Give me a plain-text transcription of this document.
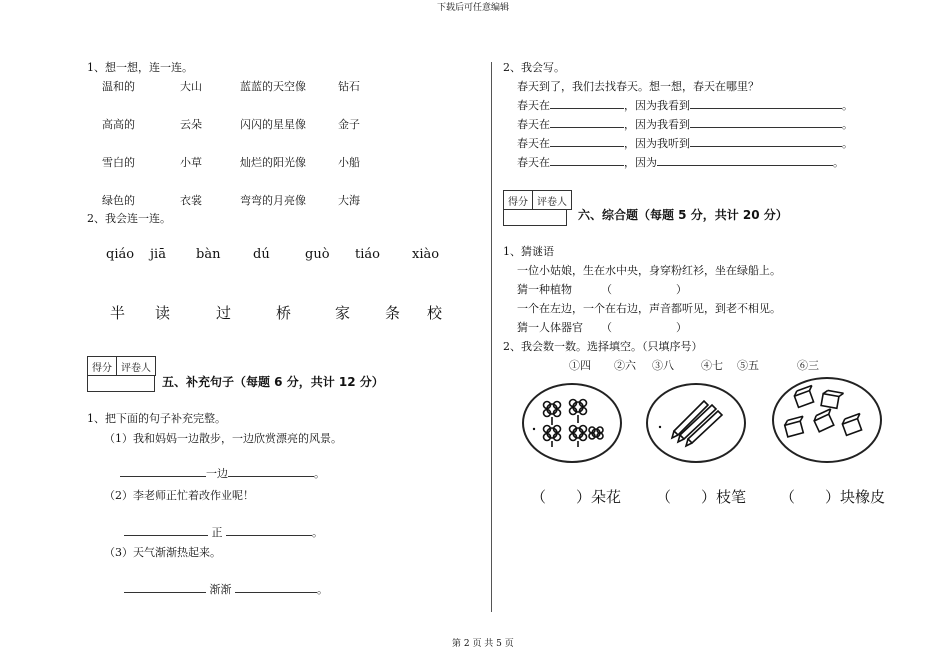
下载后可任意编辑
第 2 页 共 5 页
1、想一想，连一连。
温和的	大山	蓝蓝的天空像	钻石
高高的	云朵	闪闪的星星像	金子
雪白的	小草	灿烂的阳光像	小船
绿色的	衣裳	弯弯的月亮像	大海
2、我会连一连。
qiáo jiā bàn	dú	guò tiáo xiào
半 读	过	桥	家 条 校
得分 评卷人
五、补充句子（每题 6 分，共计 12 分）
1、把下面的句子补充完整。
（1）我和妈妈一边散步，一边欣赏漂亮的风景。
一边	。
（2）李老师正忙着改作业呢！
正	。
（3）天气渐渐热起来。
渐渐	。
2、我会写。
春天到了，我们去找春天。想一想，春天在哪里？
春天在	，因为我看到	。
春天在	，因为我看到	。
春天在	，因为我听到	。
春天在	，因为	。
得分 评卷人
六、综合题（每题 5 分，共计 20 分）
1、猜谜语
一位小姑娘，生在水中央，身穿粉红衫，坐在绿船上。
猜一种植物	（	）
一个在左边，一个在右边，声音都听见，到老不相见。
猜一人体器官 （	）
2、我会数一数。选择填空。（只填序号）
①四 ②六 ③八 ④七 ⑤五	⑥三
（　　）朵花 （　　）枝笔 （　　）块橡皮
